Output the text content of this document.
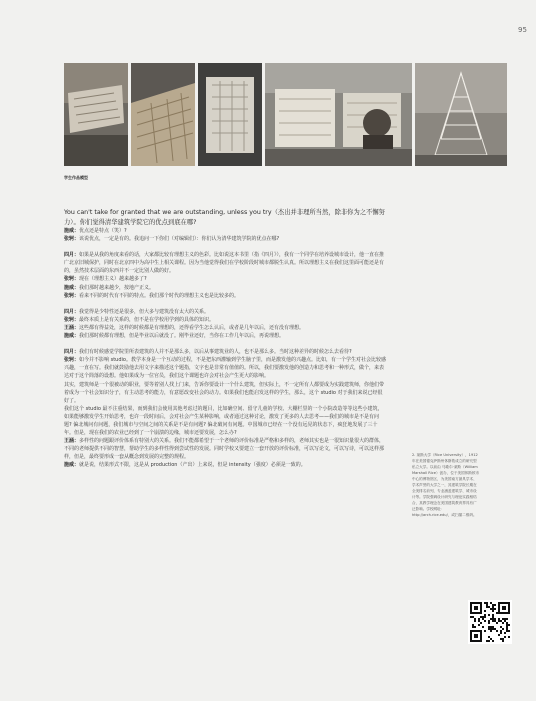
95
学生作品模型

You can't take for granted that we are outstanding, unless you try（杰出并非理所当然，除非你为之不懈努力）。你们觉得清华建筑学院它的优点到底在哪?

施威：优点还是特点（笑）?

张轲：该说优点，一定是有的。我追问一下你们（对编辑们）：你们认为清华建筑学院的优点在哪?

四月：如果是从我的角度来看的话，大家都比较有理想主义的色彩。比如说这本书里（指《四月》），我有一个同学在培养设城市设计，他一直在推广北京旧城保护，同时在北京四中为高中生上相关课程。因为当他觉得我们在学校阶段时城市都脱生认真。所以理想主义在我们这里面可能还是有的，虽然技术层面的东西并不一定比别人做的好。

张轲：现在（理想主义）越来越多了?

施威：我们那时越来越少，按地产正义。

张轲：看来不同的时代有不同的特点。我们那个时代的理想主义也是比较多的。

四月：我觉得是少特性还是很多，但大多与建筑没有太大的关系。

张轲：最终本质上是有关系的，但不是在学校用学到的具体的知识。

王涵：这些都有得益处，这样的时候都是有理想的，还得看学生怎么认后，或者是几年以后，还有没有理想。

施威：我们那时候都有理想，但是毕业以后就没了。刚毕业还好，当你在工作几年以后，再说理想。

四月：我们有时候感觉学院里所表建筑的人并不是那么多，以后从事建筑业的人，也不是那么多。当时这种差异的时候怎么去看待?

张轲：如今并不影响 studio。教学本身是一个互动的过程，不是把东西灌输到学生脑子里，而是激发他的兴趣点。比如，有一个学生对社会比较感兴趣，一直在写。我们就鼓励他去用文字来描述这个题指，文字也是非常有值值的。所以，我们要激发他的创造力和思考和一种形式，做个，来表达对于这个简落的设想。他如果成为一位官员，我们这个课题也许会对社会产生更大的影响。

其实，建筑师是一个很被动的职业，要等着别人找上门来，告诉你要设计一个什么建筑，但实际上，不一定所有人都要成为实践建筑师，你他们带着成为一个社会知识分子，有主动思考的能力，有意愿改变社会的动力。如果我们也能启发这样的学生，那么，这个 studio 对于我们来说已经很好了。

我们这个 studio 最不注重结果，而到我们会使用其他考虑过的题目，比如确空间、留守儿童的学校、大棚栏里的一个小院改造等等这些小建筑，如果能够激发学生开始思考，也许一段时间后，会对社会产生某种影响，或者通过这种讨论，激发了更多的人去思考——我们的城市是不是有问题? 偏北城问有问题，我们城市与空间之间的关系是不是有问题? 偏北破问有问题。中国城市已经在一个没有远见的状态下，疯狂地发展了三十年。但是，现在我们的农业已经到了一个崩溃的边缘，城市还要发展，怎么办?

王涵：多样性的问题跟评价体系有特别大的关系。我们不能都希望于一个老师的评价标准是严格和多样的，老师其实也是一很知识量很大的群体，不同的老师提供不同的智慧，帮助学生的多样性得到尝试性的发展。同时学校又要建立一套开放的评价标准，可以写论文，可以写诗，可以这样那样，但是，最终要形成一套从概念到发展的完整的规程。

施威：就是说，结果形式不限，这是从 production（产出）上来说，但是 intensity（强度）必须是一致的。

2. 莱斯大学（Rice University），1912 年在美国德克萨斯州休斯敦成立的研究型私立大学。以前由 马歇尔·莱斯（William Marshall Rice）创办，位于美国休斯顿市中心的博物馆区，为美国南方最具学术、学术声誉的大学之一，其建筑学院长期在全美排名前列，专业涵盖建筑学、城市设计等。学院强调设计研究与理论实践相结合，其教学理念在美国建筑教育界具有广泛影响。学校网址：http://arch.rice.edu/，或扫描二维码。
